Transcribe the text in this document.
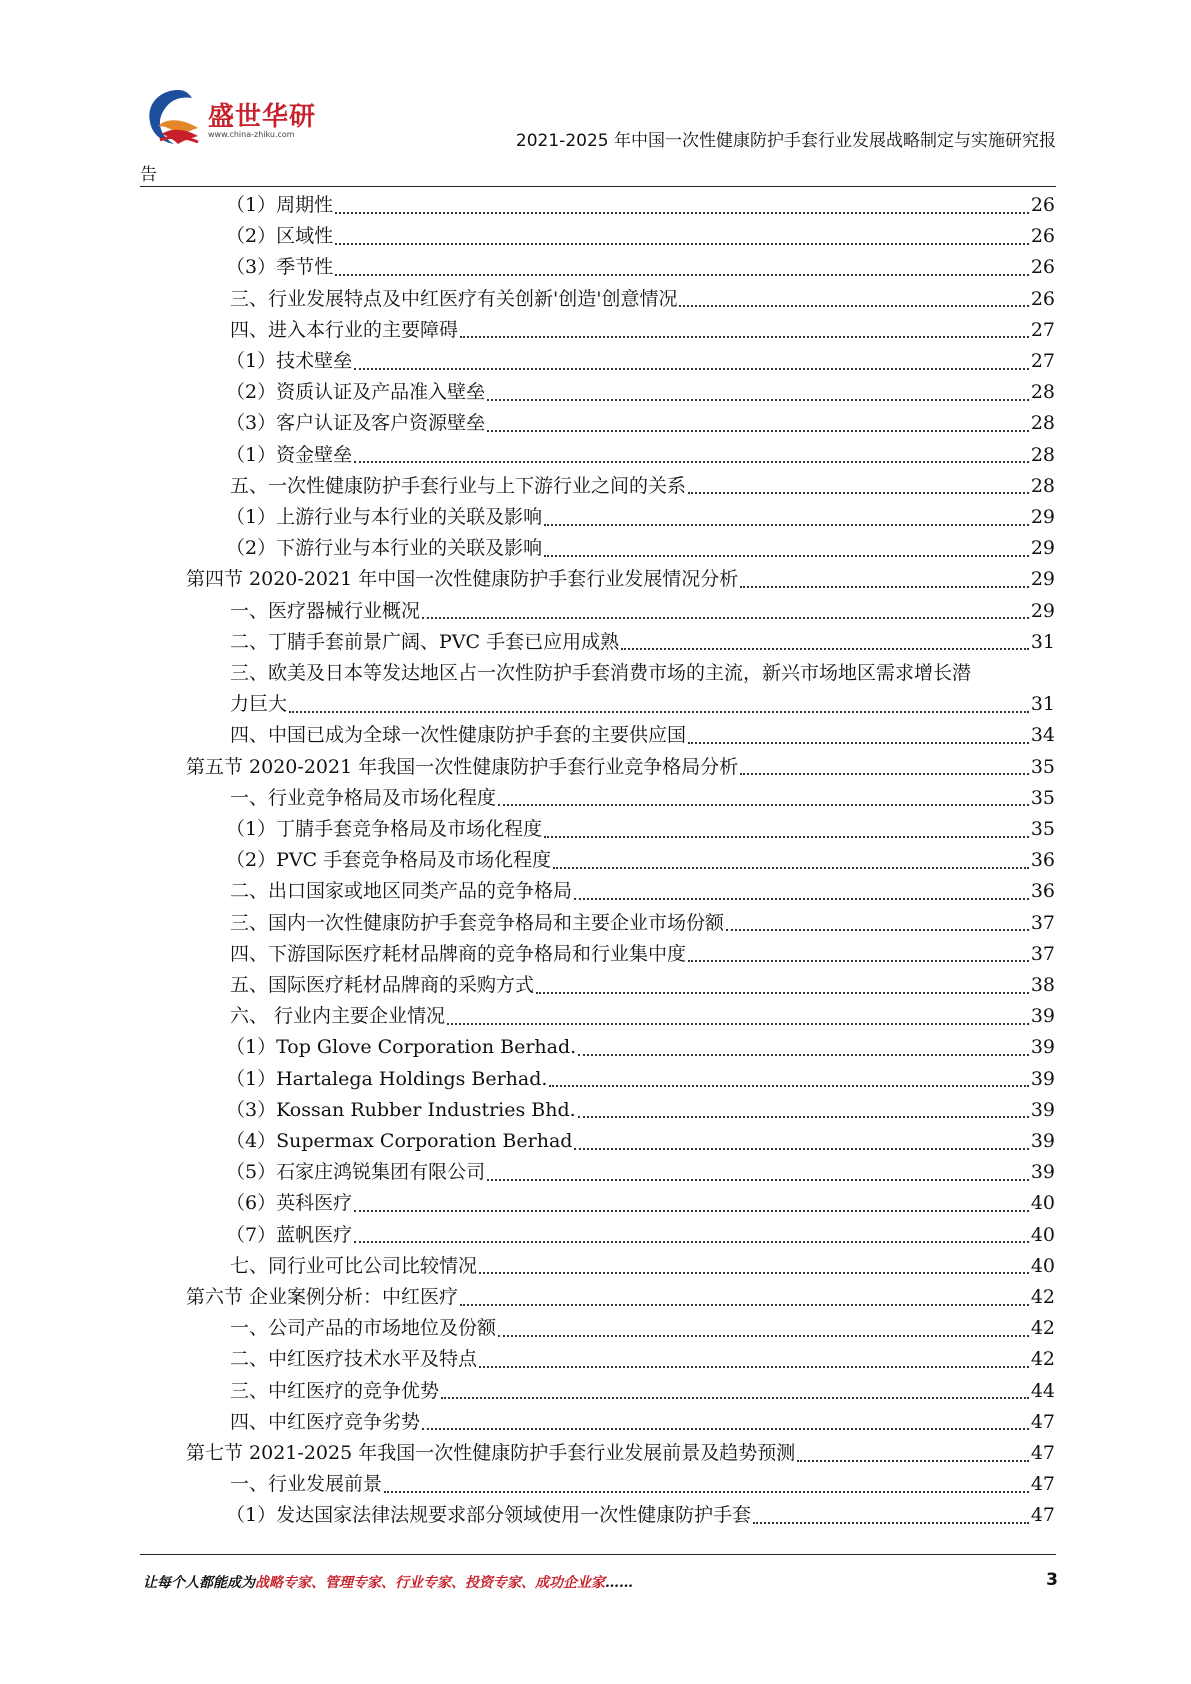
盛世华研
www.china-zhiku.com	2021-2025 年中国一次性健康防护手套行业发展战略制定与实施研究报
告
（1）周期性	26
（2）区域性	26
（3）季节性	26
三、行业发展特点及中红医疗有关创新'创造'创意情况	26
四、进入本行业的主要障碍	27
（1）技术壁垒	27
（2）资质认证及产品准入壁垒	28
（3）客户认证及客户资源壁垒	28
（1）资金壁垒	28
五、一次性健康防护手套行业与上下游行业之间的关系	28
（1）上游行业与本行业的关联及影响	29
（2）下游行业与本行业的关联及影响	29
第四节 2020-2021 年中国一次性健康防护手套行业发展情况分析	29
一、医疗器械行业概况	29
二、丁腈手套前景广阔、PVC 手套已应用成熟	31
三、欧美及日本等发达地区占一次性防护手套消费市场的主流，新兴市场地区需求增长潜
力巨大	31
四、中国已成为全球一次性健康防护手套的主要供应国	34
第五节 2020-2021 年我国一次性健康防护手套行业竞争格局分析	35
一、行业竞争格局及市场化程度	35
（1）丁腈手套竞争格局及市场化程度	35
（2）PVC 手套竞争格局及市场化程度	36
二、出口国家或地区同类产品的竞争格局	36
三、国内一次性健康防护手套竞争格局和主要企业市场份额	37
四、下游国际医疗耗材品牌商的竞争格局和行业集中度	37
五、国际医疗耗材品牌商的采购方式	38
六、 行业内主要企业情况	39
（1）Top Glove Corporation Berhad.	39
（1）Hartalega Holdings Berhad.	39
（3）Kossan Rubber Industries Bhd.	39
（4）Supermax Corporation Berhad	39
（5）石家庄鸿锐集团有限公司	39
（6）英科医疗	40
（7）蓝帆医疗	40
七、同行业可比公司比较情况	40
第六节 企业案例分析：中红医疗	42
一、公司产品的市场地位及份额	42
二、中红医疗技术水平及特点	42
三、中红医疗的竞争优势	44
四、中红医疗竞争劣势	47
第七节 2021-2025 年我国一次性健康防护手套行业发展前景及趋势预测	47
一、行业发展前景	47
（1）发达国家法律法规要求部分领域使用一次性健康防护手套	47
让每个人都能成为战略专家、管理专家、行业专家、投资专家、成功企业家……	3
